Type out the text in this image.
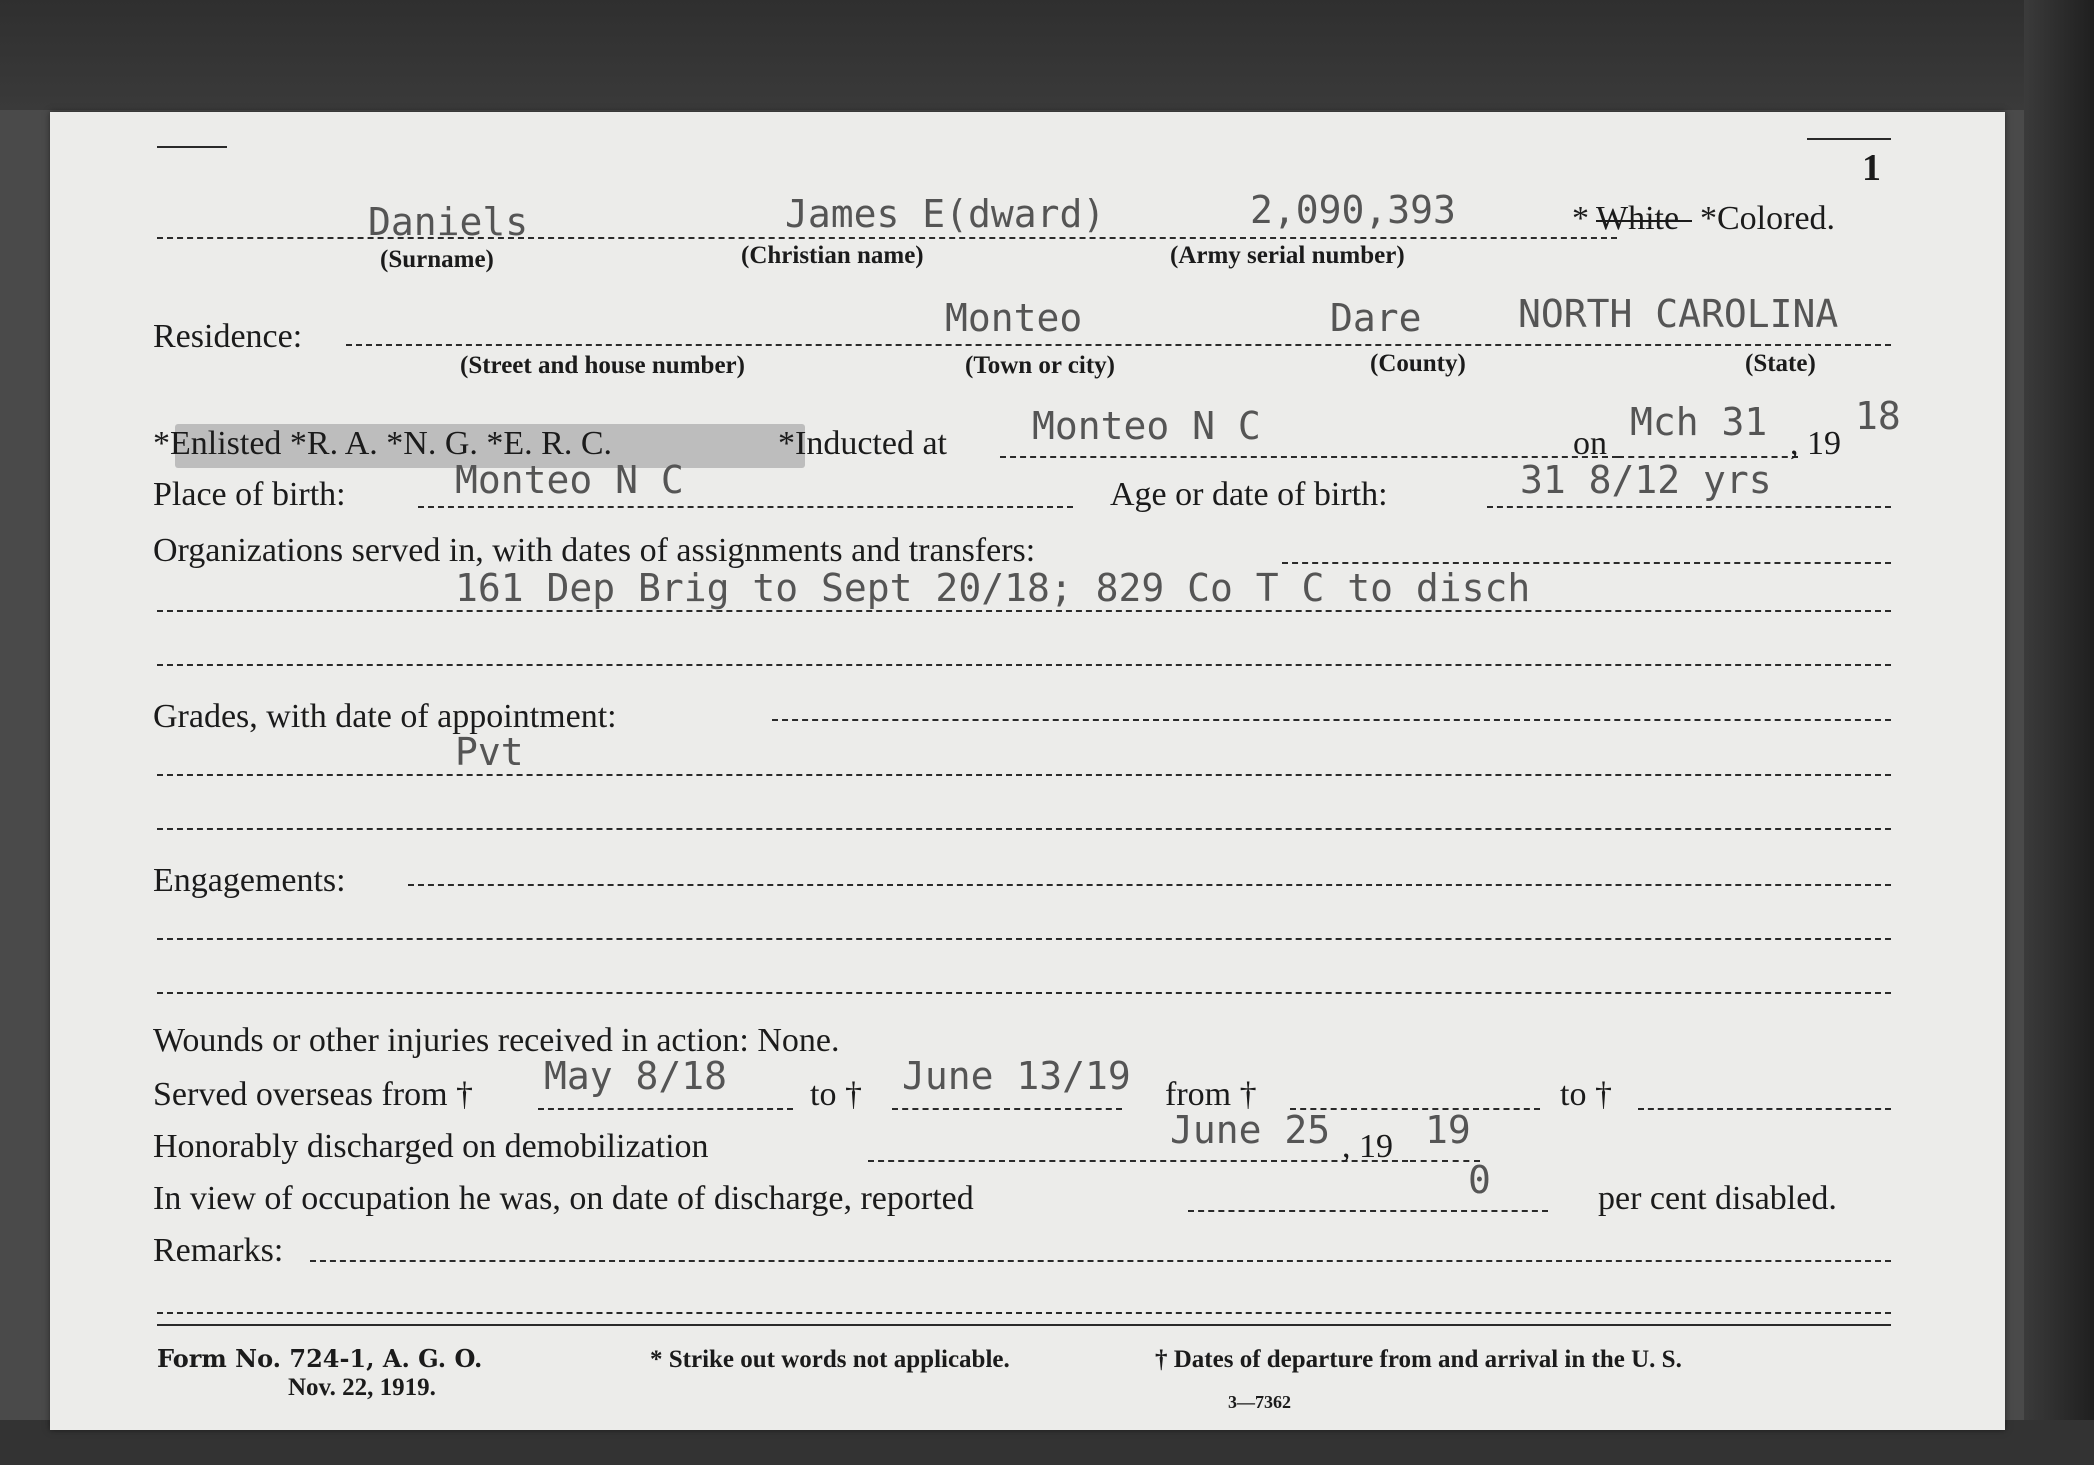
1
Daniels	James E(dward)	2,090,393	* White * Colored.
(Surname)	(Christian name)	(Army serial number)
Residence:	Monteo	Dare	NORTH CAROLINA
(Street and house number)	(Town or city)	(County)	(State)
*Enlisted *R. A. *N. G. *E. R. C.	*Inducted at Monteo N C	on Mch 31 , 19
18
Place of birth:	Monteo N C	Age or date of birth:	31 8/12 yrs
Organizations served in, with dates of assignments and transfers:
161 Dep Brig to Sept 20/18; 829 Co T C to disch
Grades, with date of appointment:
Pvt
Engagements:
Wounds or other injuries received in action: None.
Served overseas from † May 8/18 to † June 13/19 from †	to †
Honorably discharged on demobilization	June 25 , 19 19
In view of occupation he was, on date of discharge, reported	0	per cent disabled.
Remarks:
Form No. 724-1, A. G. O.
Nov. 22, 1919.
* Strike out words not applicable.	† Dates of departure from and arrival in the U. S.
3—7362
